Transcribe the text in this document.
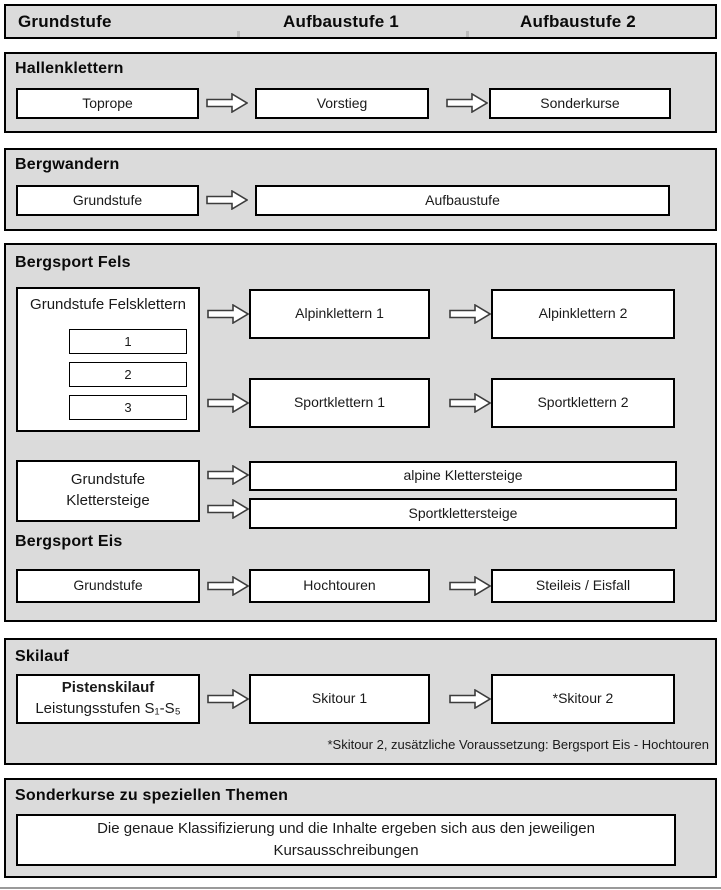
Grundstufe	Aufbaustufe 1	Aufbaustufe 2
Hallenklettern
Toprope	Vorstieg	Sonderkurse
Bergwandern
Grundstufe	Aufbaustufe
Bergsport Fels
Grundstufe Felsklettern
1
2
3
Alpinklettern 1	Alpinklettern 2
Sportklettern 1	Sportklettern 2
Grundstufe
Klettersteige
alpine Klettersteige
Sportklettersteige
Bergsport Eis
Grundstufe	Hochtouren	Steileis / Eisfall
Skilauf
Pistenskilauf
Leistungsstufen S₁-S₅
Skitour 1	*Skitour 2
*Skitour 2, zusätzliche Voraussetzung: Bergsport Eis - Hochtouren
Sonderkurse zu speziellen Themen
Die genaue Klassifizierung und die Inhalte ergeben sich aus den jeweiligen Kursausschreibungen
